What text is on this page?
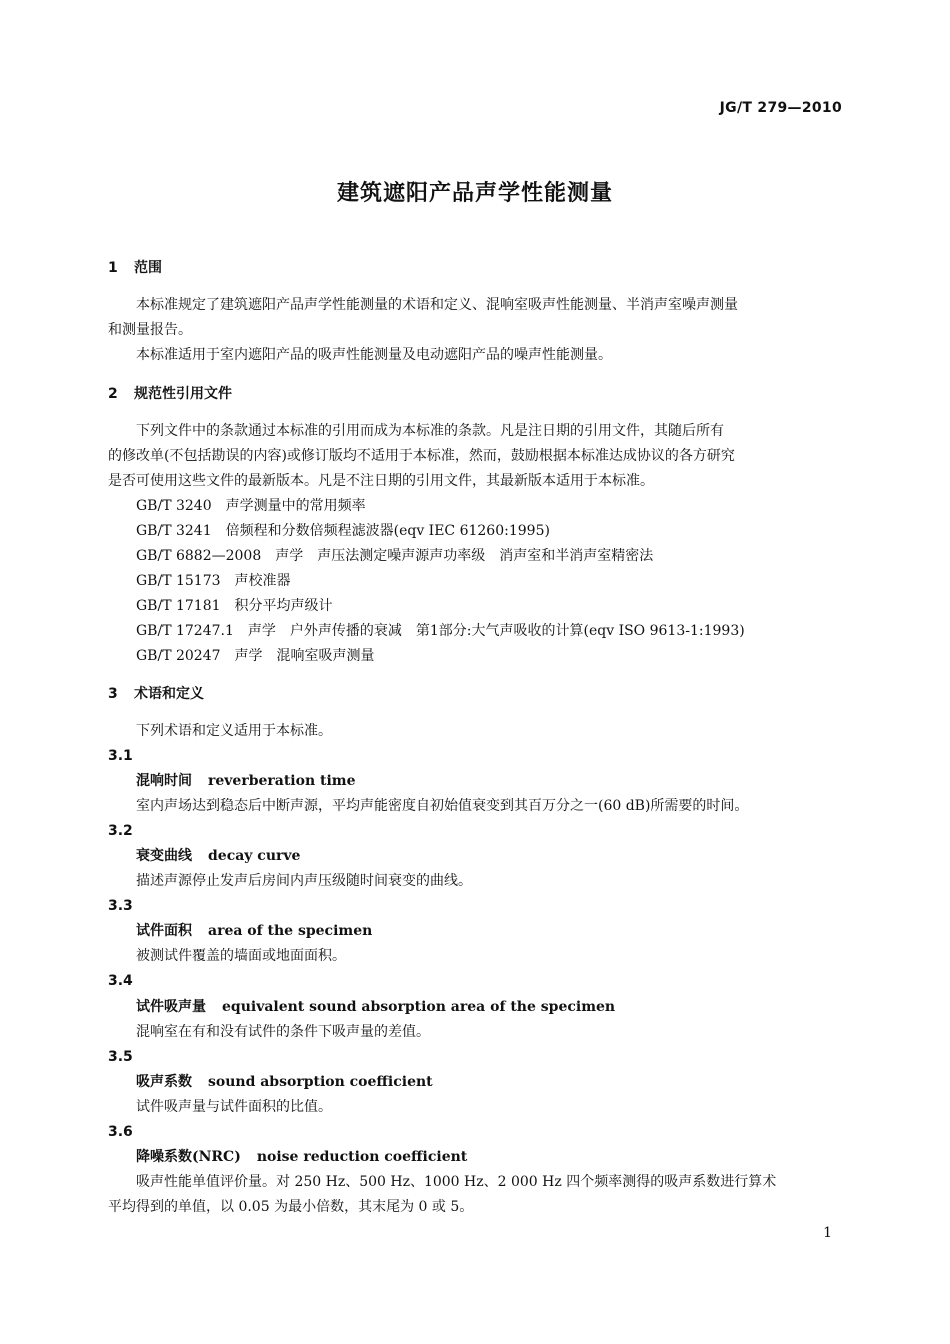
JG/T 279—2010
建筑遮阳产品声学性能测量
1 范围
本标准规定了建筑遮阳产品声学性能测量的术语和定义、混响室吸声性能测量、半消声室噪声测量
和测量报告。
本标准适用于室内遮阳产品的吸声性能测量及电动遮阳产品的噪声性能测量。
2 规范性引用文件
下列文件中的条款通过本标准的引用而成为本标准的条款。凡是注日期的引用文件，其随后所有
的修改单(不包括勘误的内容)或修订版均不适用于本标准，然而，鼓励根据本标准达成协议的各方研究
是否可使用这些文件的最新版本。凡是不注日期的引用文件，其最新版本适用于本标准。
GB/T 3240　 声学测量中的常用频率
GB/T 3241　 倍频程和分数倍频程滤波器(eqv IEC 61260:1995)
GB/T 6882—2008　 声学　声压法测定噪声源声功率级　消声室和半消声室精密法
GB/T 15173　 声校准器
GB/T 17181　 积分平均声级计
GB/T 17247.1　 声学　户外声传播的衰减　第1部分:大气声吸收的计算(eqv ISO 9613-1:1993)
GB/T 20247　 声学　混响室吸声测量
3 术语和定义
下列术语和定义适用于本标准。
3.1
混响时间 reverberation time
室内声场达到稳态后中断声源，平均声能密度自初始值衰变到其百万分之一(60 dB)所需要的时间。
3.2
衰变曲线 decay curve
描述声源停止发声后房间内声压级随时间衰变的曲线。
3.3
试件面积 area of the specimen
被测试件覆盖的墙面或地面面积。
3.4
试件吸声量 equivalent sound absorption area of the specimen
混响室在有和没有试件的条件下吸声量的差值。
3.5
吸声系数 sound absorption coefficient
试件吸声量与试件面积的比值。
3.6
降噪系数(NRC) noise reduction coefficient
吸声性能单值评价量。对 250 Hz、500 Hz、1000 Hz、2 000 Hz 四个频率测得的吸声系数进行算术
平均得到的单值，以 0.05 为最小倍数，其末尾为 0 或 5。
1
